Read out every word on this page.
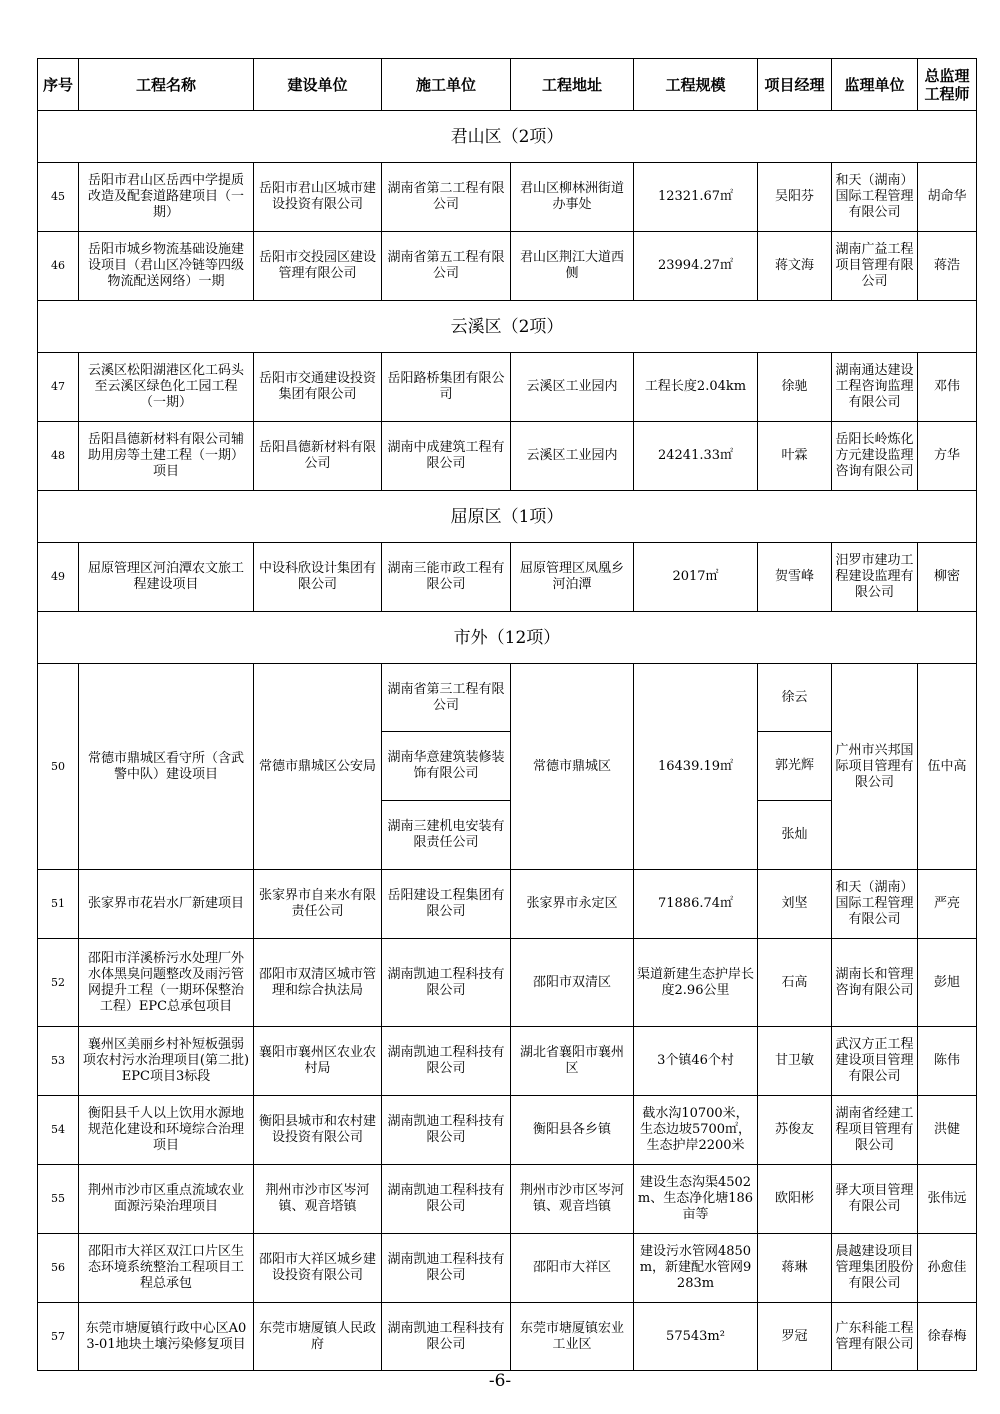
序号	工程名称	建设单位	施工单位	工程地址	工程规模	项目经理	监理单位	总监理工程师
君山区（2项）								
45	岳阳市君山区岳西中学提质改造及配套道路建项目（一期）	岳阳市君山区城市建设投资有限公司	湖南省第二工程有限公司	君山区柳林洲街道办事处	12321.67㎡	吴阳芬	和天（湖南）国际工程管理有限公司	胡命华
46	岳阳市城乡物流基础设施建设项目（君山区冷链等四级物流配送网络）一期	岳阳市交投园区建设管理有限公司	湖南省第五工程有限公司	君山区荆江大道西侧	23994.27㎡	蒋文海	湖南广益工程项目管理有限公司	蒋浩
云溪区（2项）								
47	云溪区松阳湖港区化工码头至云溪区绿色化工园工程（一期）	岳阳市交通建设投资集团有限公司	岳阳路桥集团有限公司	云溪区工业园内	工程长度2.04km	徐驰	湖南通达建设工程咨询监理有限公司	邓伟
48	岳阳昌德新材料有限公司辅助用房等土建工程（一期）项目	岳阳昌德新材料有限公司	湖南中成建筑工程有限公司	云溪区工业园内	24241.33㎡	叶霖	岳阳长岭炼化方元建设监理咨询有限公司	方华
屈原区（1项）								
49	屈原管理区河泊潭农文旅工程建设项目	中设科欣设计集团有限公司	湖南三能市政工程有限公司	屈原管理区凤凰乡河泊潭	2017㎡	贺雪峰	汨罗市建功工程建设监理有限公司	柳密
市外（12项）								
50	常德市鼎城区看守所（含武警中队）建设项目	常德市鼎城区公安局	湖南省第三工程有限公司	常德市鼎城区	16439.19㎡	徐云	广州市兴邦国际项目管理有限公司	伍中高
			湖南华意建筑装修装饰有限公司			郭光辉		
			湖南三建机电安装有限责任公司			张灿		
51	张家界市花岩水厂新建项目	张家界市自来水有限责任公司	岳阳建设工程集团有限公司	张家界市永定区	71886.74㎡	刘坚	和天（湖南）国际工程管理有限公司	严亮
52	邵阳市洋溪桥污水处理厂外水体黑臭问题整改及雨污管网提升工程（一期环保整治工程）EPC总承包项目	邵阳市双清区城市管理和综合执法局	湖南凯迪工程科技有限公司	邵阳市双清区	渠道新建生态护岸长度2.96公里	石高	湖南长和管理咨询有限公司	彭旭
53	襄州区美丽乡村补短板强弱项农村污水治理项目(第二批)EPC项目3标段	襄阳市襄州区农业农村局	湖南凯迪工程科技有限公司	湖北省襄阳市襄州区	3个镇46个村	甘卫敏	武汉方正工程建设项目管理有限公司	陈伟
54	衡阳县千人以上饮用水源地规范化建设和环境综合治理项目	衡阳县城市和农村建设投资有限公司	湖南凯迪工程科技有限公司	衡阳县各乡镇	截水沟10700米，生态边坡5700㎡，生态护岸2200米	苏俊友	湖南省经建工程项目管理有限公司	洪健
55	荆州市沙市区重点流域农业面源污染治理项目	荆州市沙市区岑河镇、观音塔镇	湖南凯迪工程科技有限公司	荆州市沙市区岑河镇、观音垱镇	建设生态沟渠4502m、生态净化塘186亩等	欧阳彬	驿大项目管理有限公司	张伟远
56	邵阳市大祥区双江口片区生态环境系统整治工程项目工程总承包	邵阳市大祥区城乡建设投资有限公司	湖南凯迪工程科技有限公司	邵阳市大祥区	建设污水管网4850m，新建配水管网9283m	蒋琳	晨越建设项目管理集团股份有限公司	孙愈佳
57	东莞市塘厦镇行政中心区A03-01地块土壤污染修复项目	东莞市塘厦镇人民政府	湖南凯迪工程科技有限公司	东莞市塘厦镇宏业工业区	57543m²	罗冠	广东科能工程管理有限公司	徐春梅
-6-
